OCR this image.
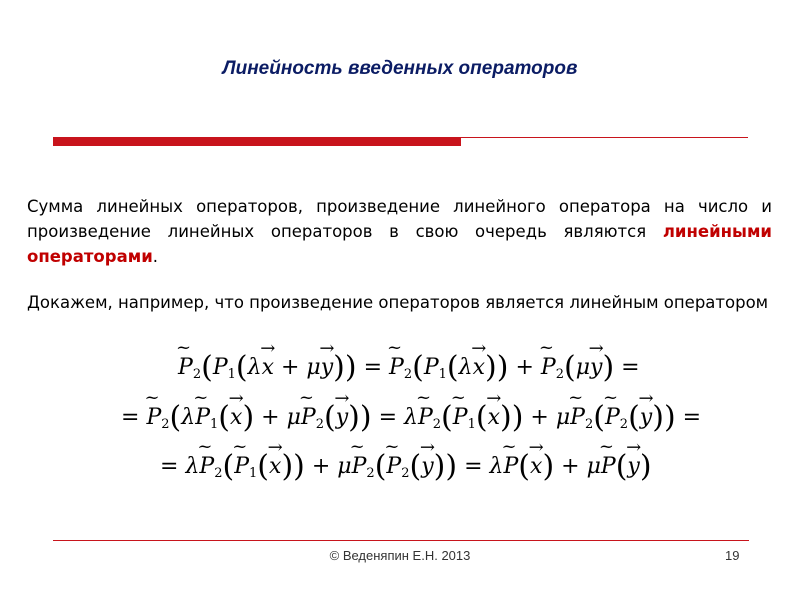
Линейность введенных операторов
Сумма линейных операторов, произведение линейного оператора на число и произведение линейных операторов в свою очередь являются линейными операторами.
Докажем, например, что произведение операторов является линейным оператором
~ $P_2(P_1(\lambda\to x + \mu\to y))$ = ~ $P_2(P_1(\lambda\to x))$ + ~ $P_2(\mu\to y)$ =
= ~ $P_2(\lambda\sim$ $P_1(\to x)$ + μ~ $P_2(\to y)$) = λ~ $P_2(\sim$ $P_1(\to x)$) + μ~ $P_2(\sim$ $P_2(\to y)$) =
= λ~ $P_2(\sim$ $P_1(\to x)$) + μ~ $P_2(\sim$ $P_2(\to y)$) = λ~ P(→ x) + μ~ P(→ y)
© Веденяпин Е.Н. 2013	19
